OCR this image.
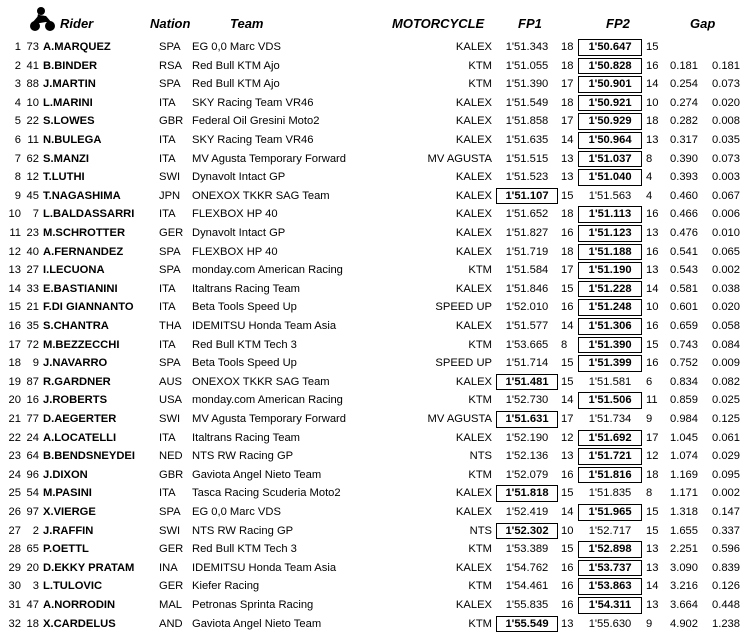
Rider	Nation	Team	MOTORCYCLE	FP1	FP2	Gap
1 73 A.MARQUEZ	SPA EG 0,0 Marc VDS	KALEX	1'51.343	18	1'50.647	15
2 41 B.BINDER	RSA Red Bull KTM Ajo	KTM	1'51.055	18	1'50.828	16 0.181	0.181
3 88 J.MARTIN	SPA Red Bull KTM Ajo	KTM	1'51.390	17	1'50.901	14 0.254	0.073
4 10 L.MARINI	ITA SKY Racing Team VR46	KALEX	1'51.549	18	1'50.921	10 0.274	0.020
5 22 S.LOWES	GBR Federal Oil Gresini Moto2	KALEX	1'51.858	17	1'50.929	18 0.282	0.008
6 11 N.BULEGA	ITA SKY Racing Team VR46	KALEX	1'51.635	14	1'50.964	13 0.317	0.035
7 62 S.MANZI	ITA MV Agusta Temporary Forward	MV AGUSTA	1'51.515	13	1'51.037	8	0.390	0.073
8 12 T.LUTHI	SWI Dynavolt Intact GP	KALEX	1'51.523	13	1'51.040	4	0.393	0.003
9 45 T.NAGASHIMA	JPN ONEXOX TKKR SAG Team	KALEX	1'51.107	15	1'51.563	4	0.460	0.067
10	7 L.BALDASSARRI ITA FLEXBOX HP 40	KALEX	1'51.652	18	1'51.113	16 0.466	0.006
11 23 M.SCHROTTER	GER Dynavolt Intact GP	KALEX	1'51.827	16	1'51.123	13 0.476	0.010
12 40 A.FERNANDEZ	SPA FLEXBOX HP 40	KALEX	1'51.719	18	1'51.188	16 0.541	0.065
13 27 I.LECUONA	SPA monday.com American Racing	KTM	1'51.584	17	1'51.190	13 0.543	0.002
14 33 E.BASTIANINI	ITA Italtrans Racing Team	KALEX	1'51.846	15	1'51.228	14 0.581	0.038
15 21 F.DI GIANNANTO ITA Beta Tools Speed Up	SPEED UP	1'52.010	16	1'51.248	10 0.601	0.020
16 35 S.CHANTRA	THA IDEMITSU Honda Team Asia	KALEX	1'51.577	14	1'51.306	16 0.659	0.058
17 72 M.BEZZECCHI	ITA Red Bull KTM Tech 3	KTM	1'53.665	8	1'51.390	15 0.743	0.084
18	9 J.NAVARRO	SPA Beta Tools Speed Up	SPEED UP	1'51.714	15	1'51.399	16 0.752	0.009
19 87 R.GARDNER	AUS ONEXOX TKKR SAG Team	KALEX	1'51.481	15	1'51.581	6	0.834	0.082
20 16 J.ROBERTS	USA monday.com American Racing	KTM	1'52.730	14	1'51.506	11 0.859	0.025
21 77 D.AEGERTER	SWI MV Agusta Temporary Forward	MV AGUSTA	1'51.631	17	1'51.734	9	0.984	0.125
22 24 A.LOCATELLI	ITA Italtrans Racing Team	KALEX	1'52.190	12	1'51.692	17 1.045	0.061
23 64 B.BENDSNEYDEI NED NTS RW Racing GP	NTS	1'52.136	13	1'51.721	12 1.074	0.029
24 96 J.DIXON	GBR Gaviota Angel Nieto Team	KTM	1'52.079	16	1'51.816	18 1.169	0.095
25 54 M.PASINI	ITA Tasca Racing Scuderia Moto2	KALEX	1'51.818	15	1'51.835	8	1.171	0.002
26 97 X.VIERGE	SPA EG 0,0 Marc VDS	KALEX	1'52.419	14	1'51.965	15 1.318	0.147
27	2 J.RAFFIN	SWI NTS RW Racing GP	NTS	1'52.302	10	1'52.717	15 1.655	0.337
28 65 P.OETTL	GER Red Bull KTM Tech 3	KTM	1'53.389	15	1'52.898	13 2.251	0.596
29 20 D.EKKY PRATAM INA IDEMITSU Honda Team Asia	KALEX	1'54.762	16	1'53.737	13 3.090	0.839
30	3 L.TULOVIC	GER Kiefer Racing	KTM	1'54.461	16	1'53.863	14 3.216	0.126
31 47 A.NORRODIN	MAL Petronas Sprinta Racing	KALEX	1'55.835	16	1'54.311	13 3.664	0.448
32 18 X.CARDELUS	AND Gaviota Angel Nieto Team	KTM	1'55.549	13	1'55.630	9	4.902	1.238
